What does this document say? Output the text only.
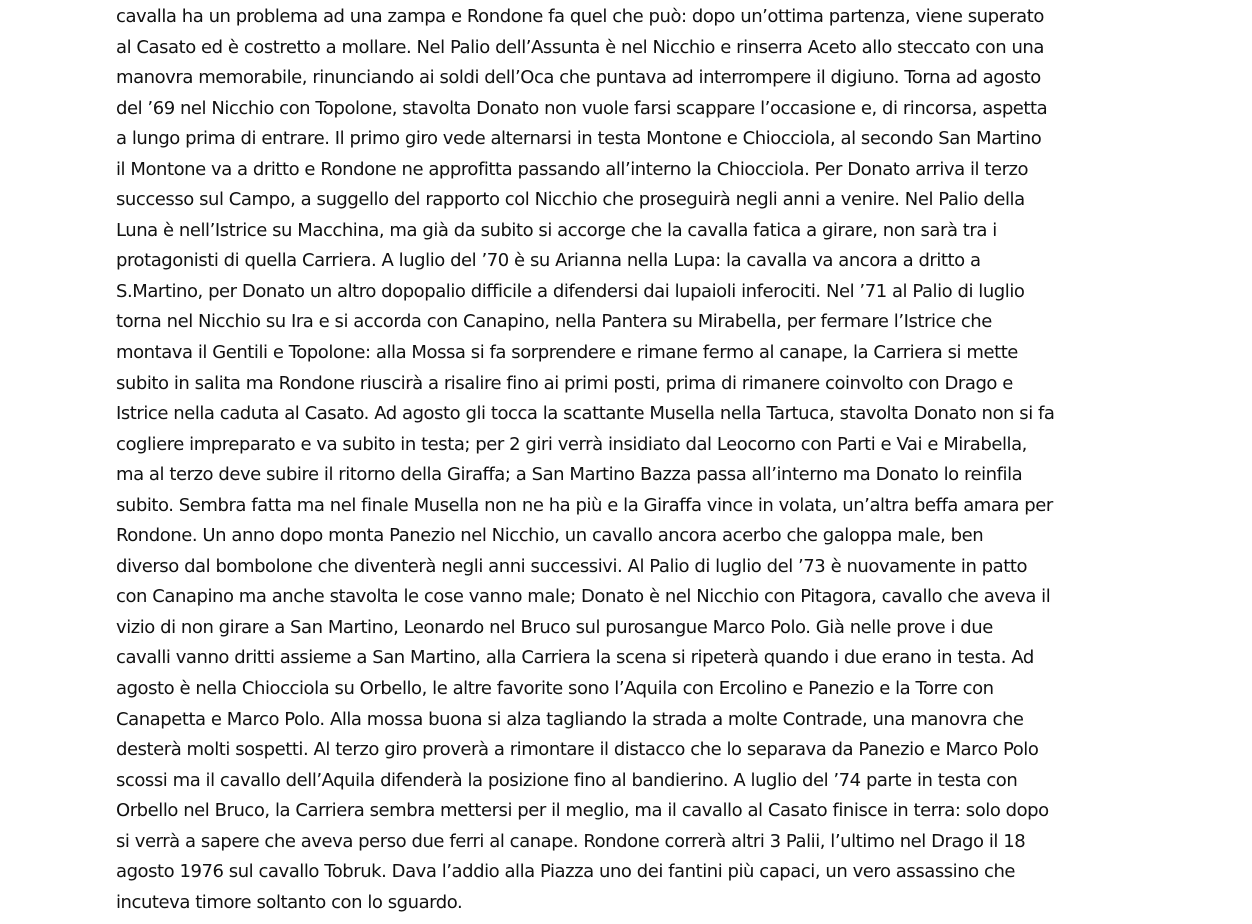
cavalla ha un problema ad una zampa e Rondone fa quel che può: dopo un’ottima partenza, viene superato
al Casato ed è costretto a mollare. Nel Palio dell’Assunta è nel Nicchio e rinserra Aceto allo steccato con una
manovra memorabile, rinunciando ai soldi dell’Oca che puntava ad interrompere il digiuno. Torna ad agosto
del ’69 nel Nicchio con Topolone, stavolta Donato non vuole farsi scappare l’occasione e, di rincorsa, aspetta
a lungo prima di entrare. Il primo giro vede alternarsi in testa Montone e Chiocciola, al secondo San Martino
il Montone va a dritto e Rondone ne approfitta passando all’interno la Chiocciola. Per Donato arriva il terzo
successo sul Campo, a suggello del rapporto col Nicchio che proseguirà negli anni a venire. Nel Palio della
Luna è nell’Istrice su Macchina, ma già da subito si accorge che la cavalla fatica a girare, non sarà tra i
protagonisti di quella Carriera. A luglio del ’70 è su Arianna nella Lupa: la cavalla va ancora a dritto a
S.Martino, per Donato un altro dopopalio difficile a difendersi dai lupaioli inferociti. Nel ’71 al Palio di luglio
torna nel Nicchio su Ira e si accorda con Canapino, nella Pantera su Mirabella, per fermare l’Istrice che
montava il Gentili e Topolone: alla Mossa si fa sorprendere e rimane fermo al canape, la Carriera si mette
subito in salita ma Rondone riuscirà a risalire fino ai primi posti, prima di rimanere coinvolto con Drago e
Istrice nella caduta al Casato. Ad agosto gli tocca la scattante Musella nella Tartuca, stavolta Donato non si fa
cogliere impreparato e va subito in testa; per 2 giri verrà insidiato dal Leocorno con Parti e Vai e Mirabella,
ma al terzo deve subire il ritorno della Giraffa; a San Martino Bazza passa all’interno ma Donato lo reinfila
subito. Sembra fatta ma nel finale Musella non ne ha più e la Giraffa vince in volata, un’altra beffa amara per
Rondone. Un anno dopo monta Panezio nel Nicchio, un cavallo ancora acerbo che galoppa male, ben
diverso dal bombolone che diventerà negli anni successivi. Al Palio di luglio del ’73 è nuovamente in patto
con Canapino ma anche stavolta le cose vanno male; Donato è nel Nicchio con Pitagora, cavallo che aveva il
vizio di non girare a San Martino, Leonardo nel Bruco sul purosangue Marco Polo. Già nelle prove i due
cavalli vanno dritti assieme a San Martino, alla Carriera la scena si ripeterà quando i due erano in testa. Ad
agosto è nella Chiocciola su Orbello, le altre favorite sono l’Aquila con Ercolino e Panezio e la Torre con
Canapetta e Marco Polo. Alla mossa buona si alza tagliando la strada a molte Contrade, una manovra che
desterà molti sospetti. Al terzo giro proverà a rimontare il distacco che lo separava da Panezio e Marco Polo
scossi ma il cavallo dell’Aquila difenderà la posizione fino al bandierino. A luglio del ’74 parte in testa con
Orbello nel Bruco, la Carriera sembra mettersi per il meglio, ma il cavallo al Casato finisce in terra: solo dopo
si verrà a sapere che aveva perso due ferri al canape. Rondone correrà altri 3 Palii, l’ultimo nel Drago il 18
agosto 1976 sul cavallo Tobruk. Dava l’addio alla Piazza uno dei fantini più capaci, un vero assassino che
incuteva timore soltanto con lo sguardo.
